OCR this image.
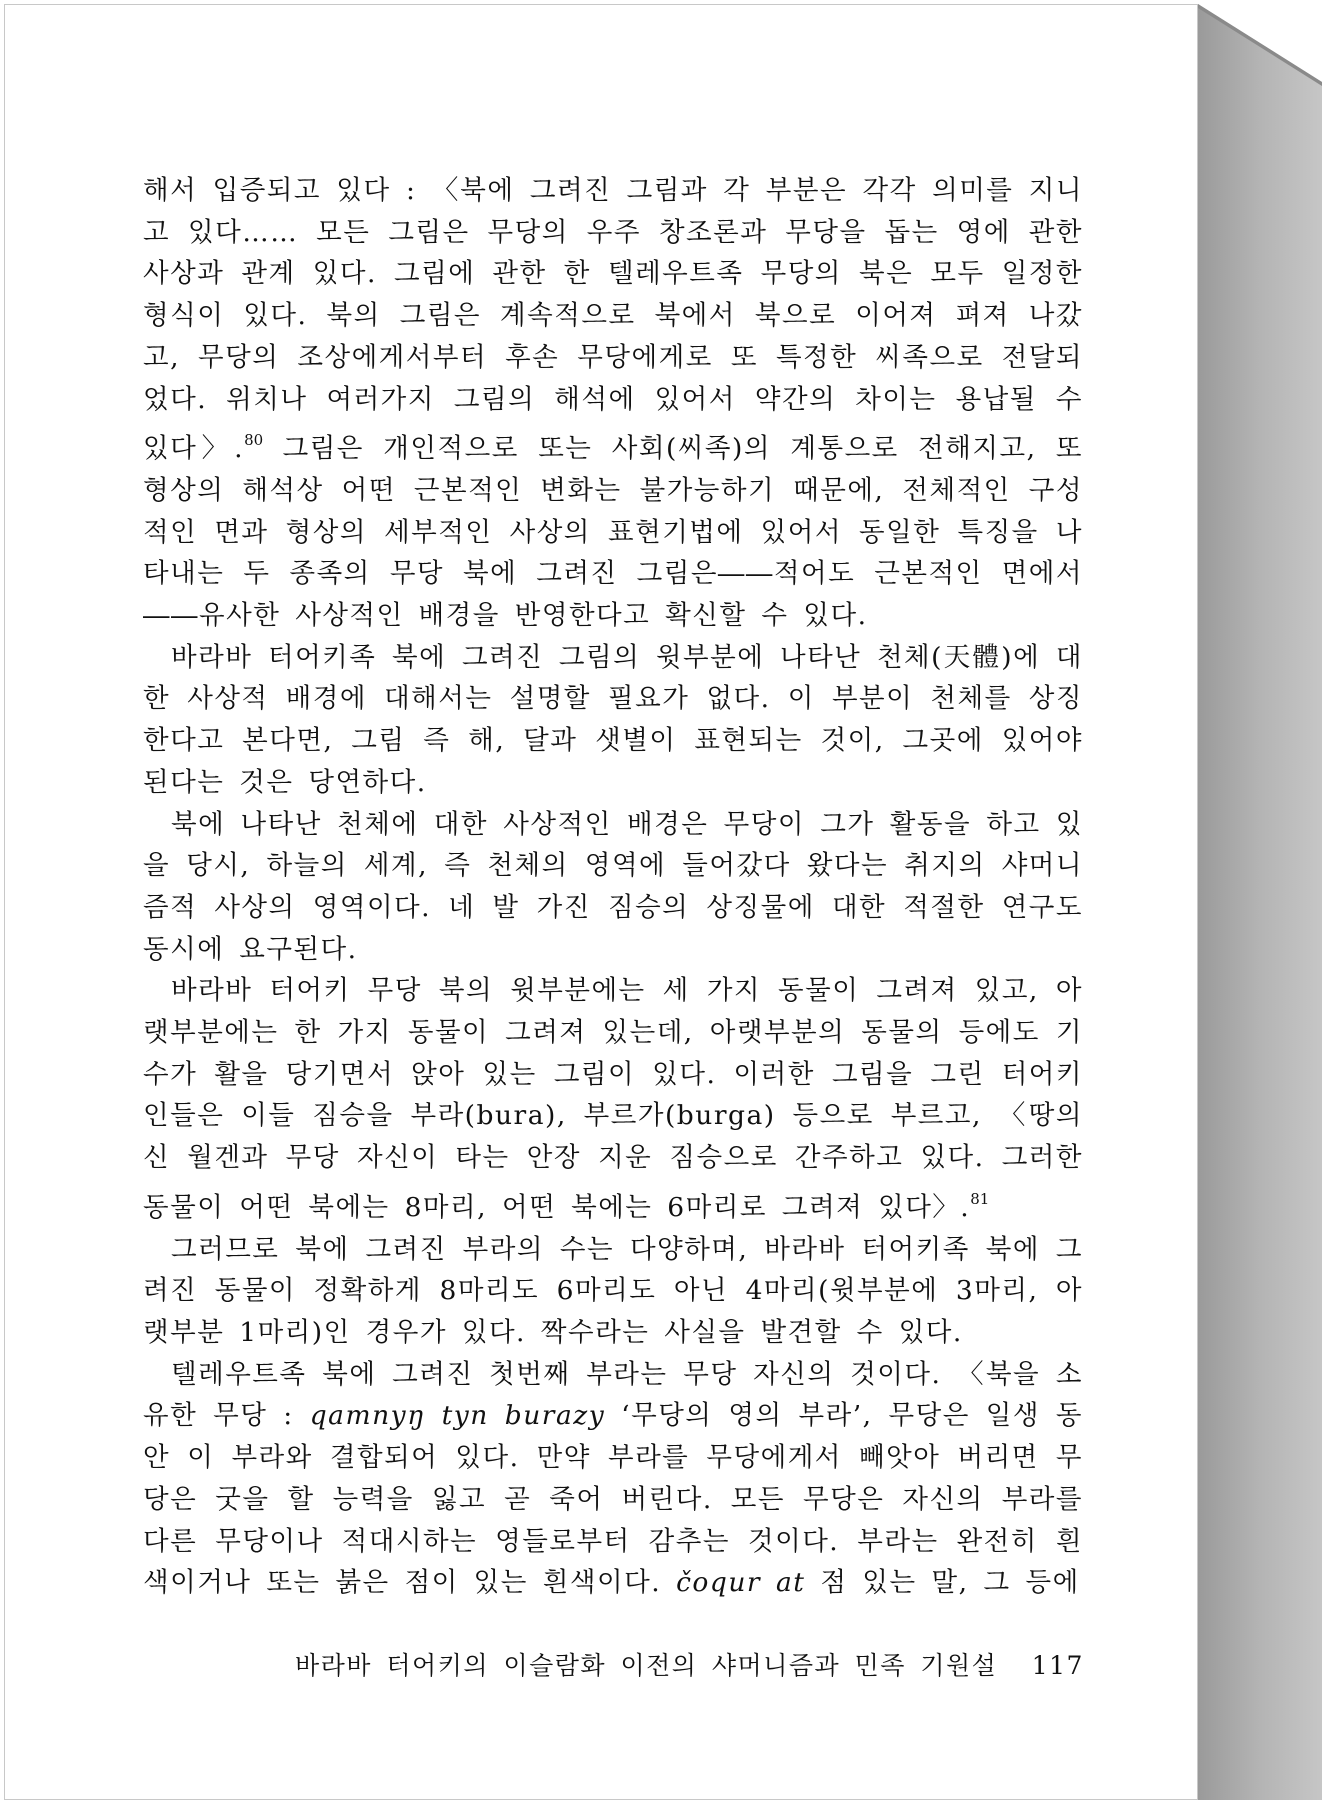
해서 입증되고 있다 : 〈북에 그려진 그림과 각 부분은 각각 의미를 지니고 있다…… 모든 그림은 무당의 우주 창조론과 무당을 돕는 영에 관한 사상과 관계 있다. 그림에 관한 한 텔레우트족 무당의 북은 모두 일정한 형식이 있다. 북의 그림은 계속적으로 북에서 북으로 이어져 펴져 나갔고, 무당의 조상에게서부터 후손 무당에게로 또 특정한 씨족으로 전달되었다. 위치나 여러가지 그림의 해석에 있어서 약간의 차이는 용납될 수 있다〉.$^{80}$ 그림은 개인적으로 또는 사회(씨족)의 계통으로 전해지고, 또 형상의 해석상 어떤 근본적인 변화는 불가능하기 때문에, 전체적인 구성적인 면과 형상의 세부적인 사상의 표현기법에 있어서 동일한 특징을 나타내는 두 종족의 무당 북에 그려진 그림은――적어도 근본적인 면에서――유사한 사상적인 배경을 반영한다고 확신할 수 있다.

바라바 터어키족 북에 그려진 그림의 윗부분에 나타난 천체(天體)에 대한 사상적 배경에 대해서는 설명할 필요가 없다. 이 부분이 천체를 상징한다고 본다면, 그림 즉 해, 달과 샛별이 표현되는 것이, 그곳에 있어야 된다는 것은 당연하다.

북에 나타난 천체에 대한 사상적인 배경은 무당이 그가 활동을 하고 있을 당시, 하늘의 세계, 즉 천체의 영역에 들어갔다 왔다는 취지의 샤머니즘적 사상의 영역이다. 네 발 가진 짐승의 상징물에 대한 적절한 연구도 동시에 요구된다.

바라바 터어키 무당 북의 윗부분에는 세 가지 동물이 그려져 있고, 아랫부분에는 한 가지 동물이 그려져 있는데, 아랫부분의 동물의 등에도 기수가 활을 당기면서 앉아 있는 그림이 있다. 이러한 그림을 그린 터어키인들은 이들 짐승을 부라(bura), 부르가(burga) 등으로 부르고, 〈땅의 신 월겐과 무당 자신이 타는 안장 지운 짐승으로 간주하고 있다. 그러한 동물이 어떤 북에는 8마리, 어떤 북에는 6마리로 그려져 있다〉.$^{81}$

그러므로 북에 그려진 부라의 수는 다양하며, 바라바 터어키족 북에 그려진 동물이 정확하게 8마리도 6마리도 아닌 4마리(윗부분에 3마리, 아랫부분 1마리)인 경우가 있다. 짝수라는 사실을 발견할 수 있다.

텔레우트족 북에 그려진 첫번째 부라는 무당 자신의 것이다. 〈북을 소유한 무당 : qamnyŋ tyn burazy ‘무당의 영의 부라’, 무당은 일생 동안 이 부라와 결합되어 있다. 만약 부라를 무당에게서 빼앗아 버리면 무당은 굿을 할 능력을 잃고 곧 죽어 버린다. 모든 무당은 자신의 부라를 다른 무당이나 적대시하는 영들로부터 감추는 것이다. 부라는 완전히 흰색이거나 또는 붉은 점이 있는 흰색이다. čoqur at 점 있는 말, 그 등에

바라바 터어키의 이슬람화 이전의 샤머니즘과 민족 기원설 117
